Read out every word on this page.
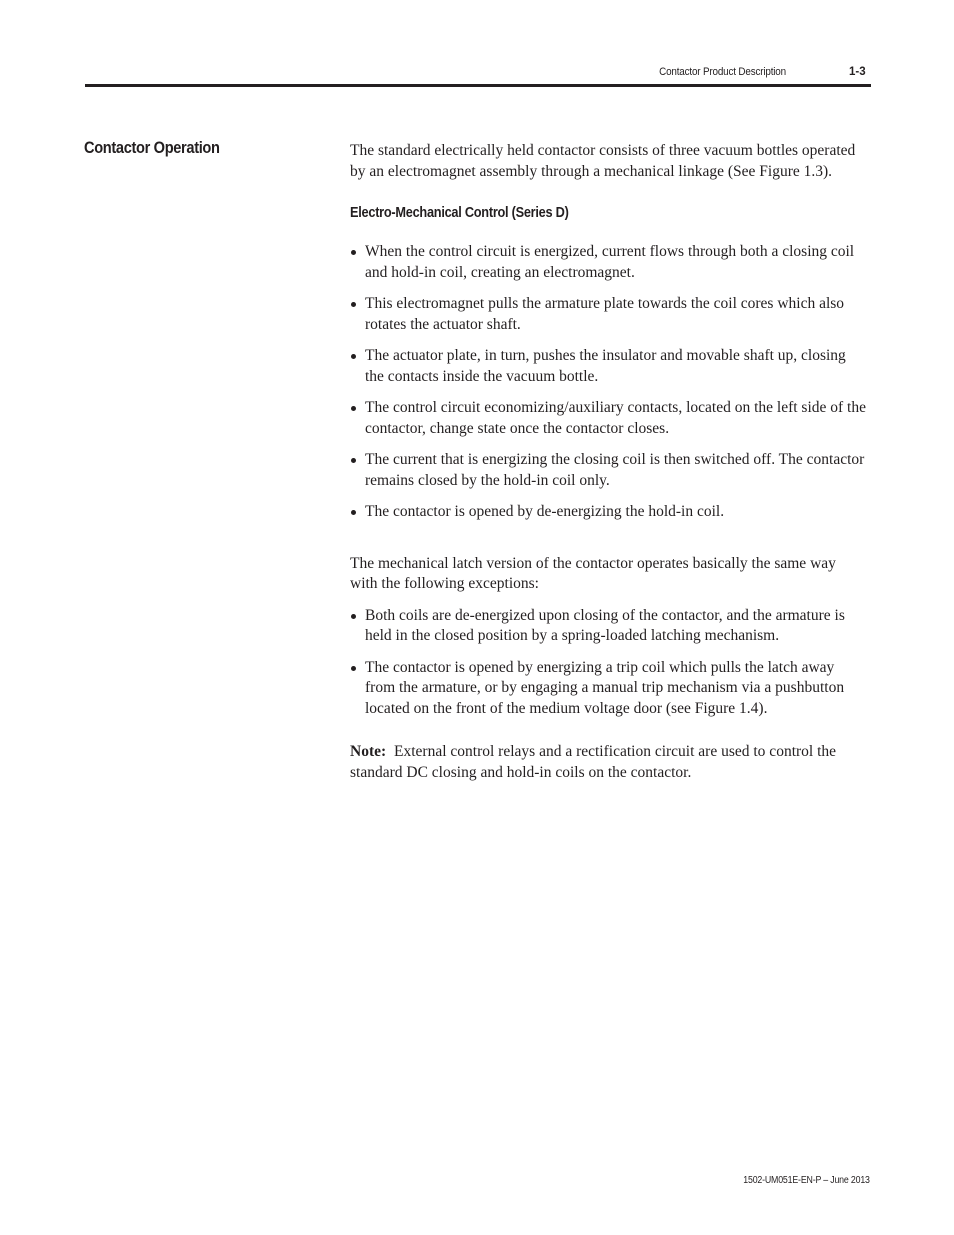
Contactor Product Description	1-3
Contactor Operation	The standard electrically held contactor consists of three vacuum bottles operated by an electromagnet assembly through a mechanical linkage (See Figure 1.3).

Electro-Mechanical Control (Series D)
When the control circuit is energized, current flows through both a closing coil and hold-in coil, creating an electromagnet.
This electromagnet pulls the armature plate towards the coil cores which also rotates the actuator shaft.
The actuator plate, in turn, pushes the insulator and movable shaft up, closing the contacts inside the vacuum bottle.
The control circuit economizing/auxiliary contacts, located on the left side of the contactor, change state once the contactor closes.
The current that is energizing the closing coil is then switched off. The contactor remains closed by the hold-in coil only.
The contactor is opened by de-energizing the hold-in coil.

The mechanical latch version of the contactor operates basically the same way with the following exceptions:

Both coils are de-energized upon closing of the contactor, and the armature is held in the closed position by a spring-loaded latching mechanism.
The contactor is opened by energizing a trip coil which pulls the latch away from the armature, or by engaging a manual trip mechanism via a pushbutton located on the front of the medium voltage door (see Figure 1.4).

Note: External control relays and a rectification circuit are used to control the standard DC closing and hold-in coils on the contactor.

1502-UM051E-EN-P – June 2013
